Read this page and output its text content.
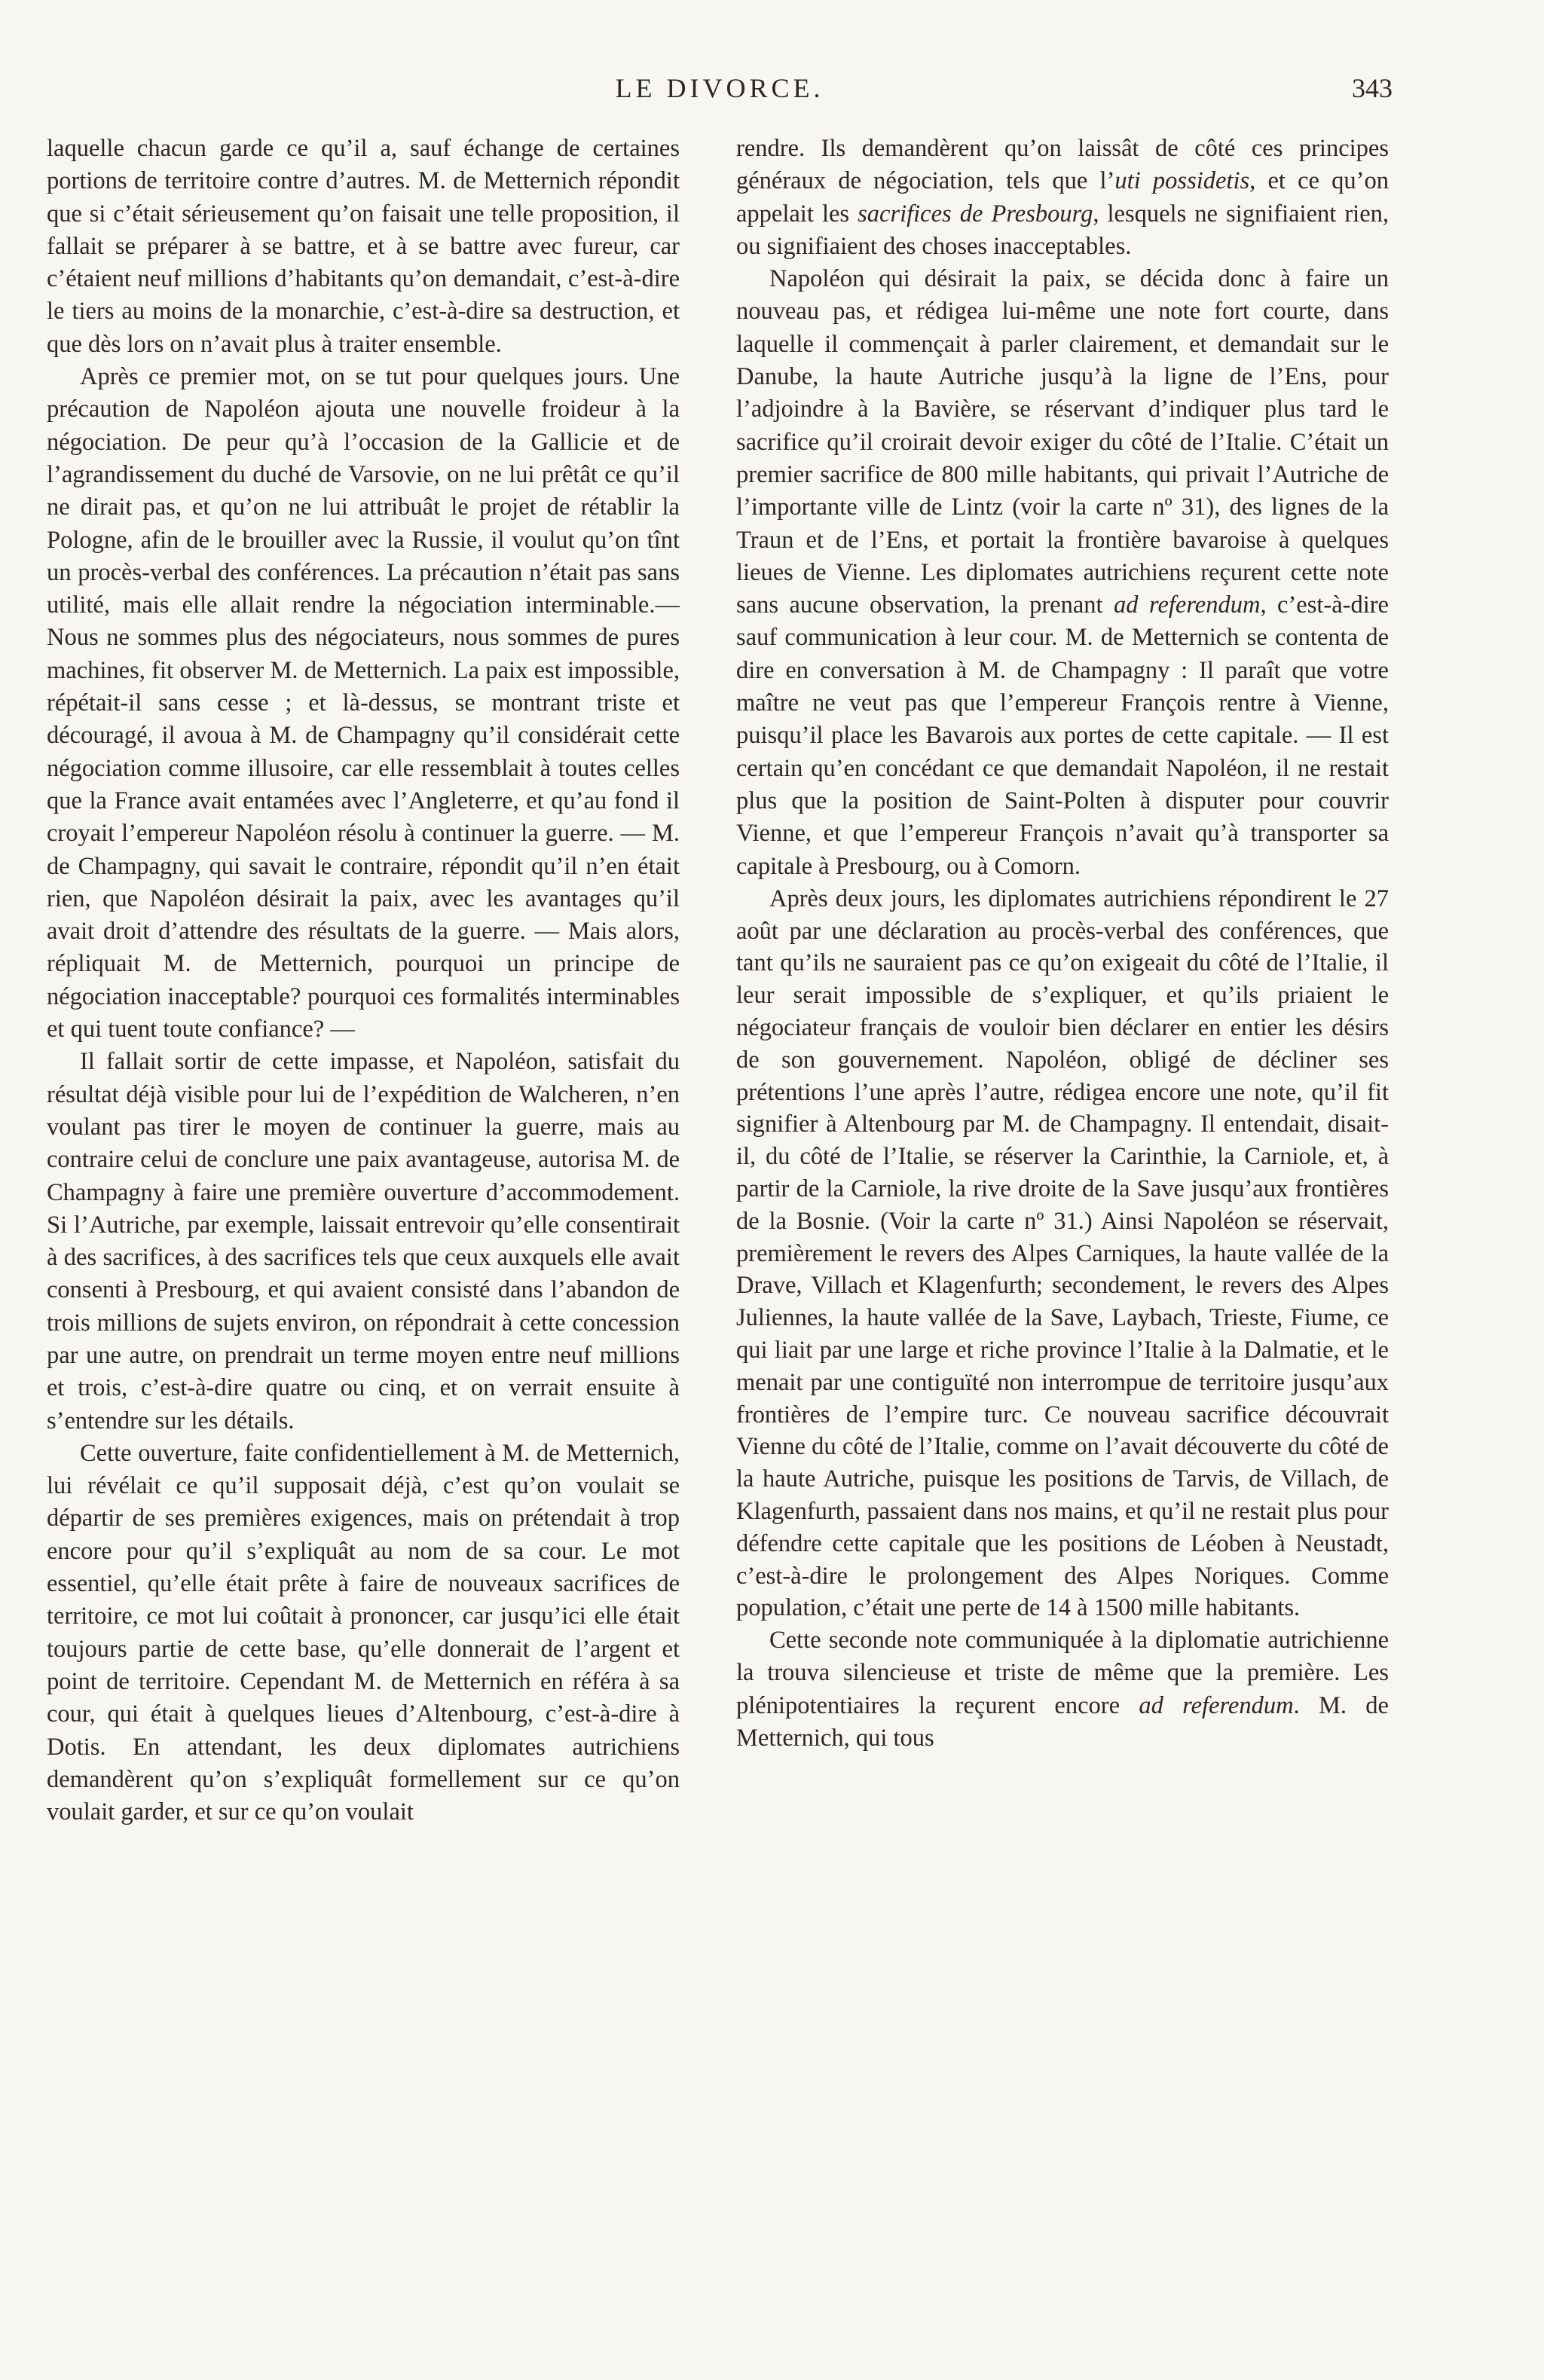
LE DIVORCE.	343

laquelle chacun garde ce qu’il a, sauf échange de certaines portions de territoire contre d’autres. M. de Metternich répondit que si c’était sérieusement qu’on faisait une telle proposition, il fallait se préparer à se battre, et à se battre avec fureur, car c’étaient neuf millions d’habitants qu’on demandait, c’est-à-dire le tiers au moins de la monarchie, c’est-à-dire sa destruction, et que dès lors on n’avait plus à traiter ensemble.

Après ce premier mot, on se tut pour quelques jours. Une précaution de Napoléon ajouta une nouvelle froideur à la négociation. De peur qu’à l’occasion de la Gallicie et de l’agrandissement du duché de Varsovie, on ne lui prêtât ce qu’il ne dirait pas, et qu’on ne lui attribuât le projet de rétablir la Pologne, afin de le brouiller avec la Russie, il voulut qu’on tînt un procès-verbal des conférences. La précaution n’était pas sans utilité, mais elle allait rendre la négociation interminable.— Nous ne sommes plus des négociateurs, nous sommes de pures machines, fit observer M. de Metternich. La paix est impossible, répétait-il sans cesse ; et là-dessus, se montrant triste et découragé, il avoua à M. de Champagny qu’il considérait cette négociation comme illusoire, car elle ressemblait à toutes celles que la France avait entamées avec l’Angleterre, et qu’au fond il croyait l’empereur Napoléon résolu à continuer la guerre. — M. de Champagny, qui savait le contraire, répondit qu’il n’en était rien, que Napoléon désirait la paix, avec les avantages qu’il avait droit d’attendre des résultats de la guerre. — Mais alors, répliquait M. de Metternich, pourquoi un principe de négociation inacceptable? pourquoi ces formalités interminables et qui tuent toute confiance? —

Il fallait sortir de cette impasse, et Napoléon, satisfait du résultat déjà visible pour lui de l’expédition de Walcheren, n’en voulant pas tirer le moyen de continuer la guerre, mais au contraire celui de conclure une paix avantageuse, autorisa M. de Champagny à faire une première ouverture d’accommodement. Si l’Autriche, par exemple, laissait entrevoir qu’elle consentirait à des sacrifices, à des sacrifices tels que ceux auxquels elle avait consenti à Presbourg, et qui avaient consisté dans l’abandon de trois millions de sujets environ, on répondrait à cette concession par une autre, on prendrait un terme moyen entre neuf millions et trois, c’est-à-dire quatre ou cinq, et on verrait ensuite à s’entendre sur les détails.

Cette ouverture, faite confidentiellement à M. de Metternich, lui révélait ce qu’il supposait déjà, c’est qu’on voulait se départir de ses premières exigences, mais on prétendait à trop encore pour qu’il s’expliquât au nom de sa cour. Le mot essentiel, qu’elle était prête à faire de nouveaux sacrifices de territoire, ce mot lui coûtait à prononcer, car jusqu’ici elle était toujours partie de cette base, qu’elle donnerait de l’argent et point de territoire. Cependant M. de Metternich en référa à sa cour, qui était à quelques lieues d’Altenbourg, c’est-à-dire à Dotis. En attendant, les deux diplomates autrichiens demandèrent qu’on s’expliquât formellement sur ce qu’on voulait garder, et sur ce qu’on voulait

rendre. Ils demandèrent qu’on laissât de côté ces principes généraux de négociation, tels que l’uti possidetis, et ce qu’on appelait les sacrifices de Presbourg, lesquels ne signifiaient rien, ou signifiaient des choses inacceptables.

Napoléon qui désirait la paix, se décida donc à faire un nouveau pas, et rédigea lui-même une note fort courte, dans laquelle il commençait à parler clairement, et demandait sur le Danube, la haute Autriche jusqu’à la ligne de l’Ens, pour l’adjoindre à la Bavière, se réservant d’indiquer plus tard le sacrifice qu’il croirait devoir exiger du côté de l’Italie. C’était un premier sacrifice de 800 mille habitants, qui privait l’Autriche de l’importante ville de Lintz (voir la carte nº 31), des lignes de la Traun et de l’Ens, et portait la frontière bavaroise à quelques lieues de Vienne. Les diplomates autrichiens reçurent cette note sans aucune observation, la prenant ad referendum, c’est-à-dire sauf communication à leur cour. M. de Metternich se contenta de dire en conversation à M. de Champagny : Il paraît que votre maître ne veut pas que l’empereur François rentre à Vienne, puisqu’il place les Bavarois aux portes de cette capitale. — Il est certain qu’en concédant ce que demandait Napoléon, il ne restait plus que la position de Saint-Polten à disputer pour couvrir Vienne, et que l’empereur François n’avait qu’à transporter sa capitale à Presbourg, ou à Comorn.

Après deux jours, les diplomates autrichiens répondirent le 27 août par une déclaration au procès-verbal des conférences, que tant qu’ils ne sauraient pas ce qu’on exigeait du côté de l’Italie, il leur serait impossible de s’expliquer, et qu’ils priaient le négociateur français de vouloir bien déclarer en entier les désirs de son gouvernement. Napoléon, obligé de décliner ses prétentions l’une après l’autre, rédigea encore une note, qu’il fit signifier à Altenbourg par M. de Champagny. Il entendait, disait-il, du côté de l’Italie, se réserver la Carinthie, la Carniole, et, à partir de la Carniole, la rive droite de la Save jusqu’aux frontières de la Bosnie. (Voir la carte nº 31.) Ainsi Napoléon se réservait, premièrement le revers des Alpes Carniques, la haute vallée de la Drave, Villach et Klagenfurth; secondement, le revers des Alpes Juliennes, la haute vallée de la Save, Laybach, Trieste, Fiume, ce qui liait par une large et riche province l’Italie à la Dalmatie, et le menait par une contiguïté non interrompue de territoire jusqu’aux frontières de l’empire turc. Ce nouveau sacrifice découvrait Vienne du côté de l’Italie, comme on l’avait découverte du côté de la haute Autriche, puisque les positions de Tarvis, de Villach, de Klagenfurth, passaient dans nos mains, et qu’il ne restait plus pour défendre cette capitale que les positions de Léoben à Neustadt, c’est-à-dire le prolongement des Alpes Noriques. Comme population, c’était une perte de 14 à 1500 mille habitants.

Cette seconde note communiquée à la diplomatie autrichienne la trouva silencieuse et triste de même que la première. Les plénipotentiaires la reçurent encore ad referendum. M. de Metternich, qui tous
